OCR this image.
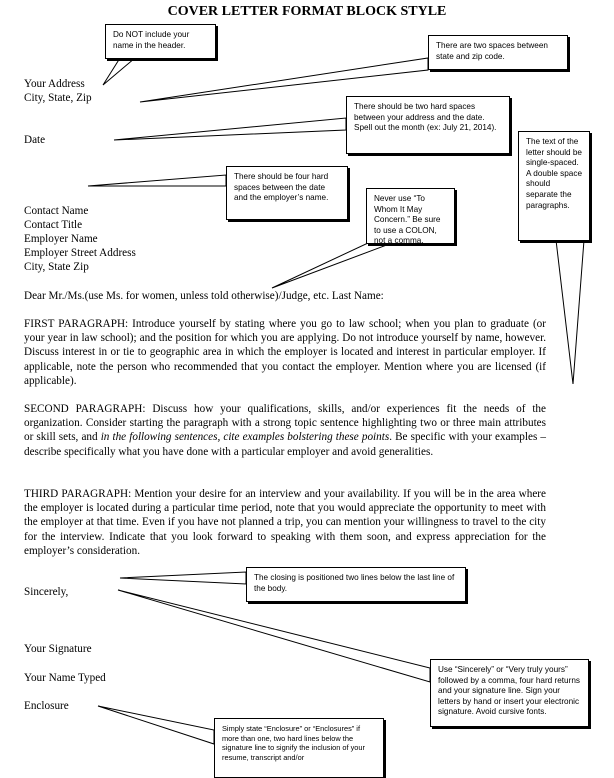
COVER LETTER FORMAT BLOCK STYLE
Your Address
City, State, Zip
Date
Contact Name
Contact Title
Employer Name
Employer Street Address
City, State Zip
Dear Mr./Ms.(use Ms. for women, unless told otherwise)/Judge, etc. Last Name:
FIRST PARAGRAPH: Introduce yourself by stating where you go to law school; when you plan to graduate (or your year in law school); and the position for which you are applying. Do not introduce yourself by name, however. Discuss interest in or tie to geographic area in which the employer is located and interest in particular employer. If applicable, note the person who recommended that you contact the employer. Mention where you are licensed (if applicable).
SECOND PARAGRAPH: Discuss how your qualifications, skills, and/or experiences fit the needs of the organization. Consider starting the paragraph with a strong topic sentence highlighting two or three main attributes or skill sets, and in the following sentences, cite examples bolstering these points. Be specific with your examples – describe specifically what you have done with a particular employer and avoid generalities.
THIRD PARAGRAPH: Mention your desire for an interview and your availability. If you will be in the area where the employer is located during a particular time period, note that you would appreciate the opportunity to meet with the employer at that time. Even if you have not planned a trip, you can mention your willingness to travel to the city for the interview. Indicate that you look forward to speaking with them soon, and express appreciation for the employer’s consideration.
Sincerely,
Your Signature
Your Name Typed
Enclosure
Do NOT include your name in the header.	There are two spaces between state and zip code.
There should be two hard spaces between your address and the date. Spell out the month (ex: July 21, 2014).
The text of the letter should be single-spaced. A double space should separate the paragraphs.
There should be four hard spaces between the date and the employer’s name.	Never use “To Whom It May Concern.” Be sure to use a COLON, not a comma.
The closing is positioned two lines below the last line of the body.
Use “Sincerely” or “Very truly yours” followed by a comma, four hard returns and your signature line. Sign your letters by hand or insert your electronic signature. Avoid cursive fonts.
Simply state “Enclosure” or “Enclosures” if more than one, two hard lines below the signature line to signify the inclusion of your resume, transcript and/or
